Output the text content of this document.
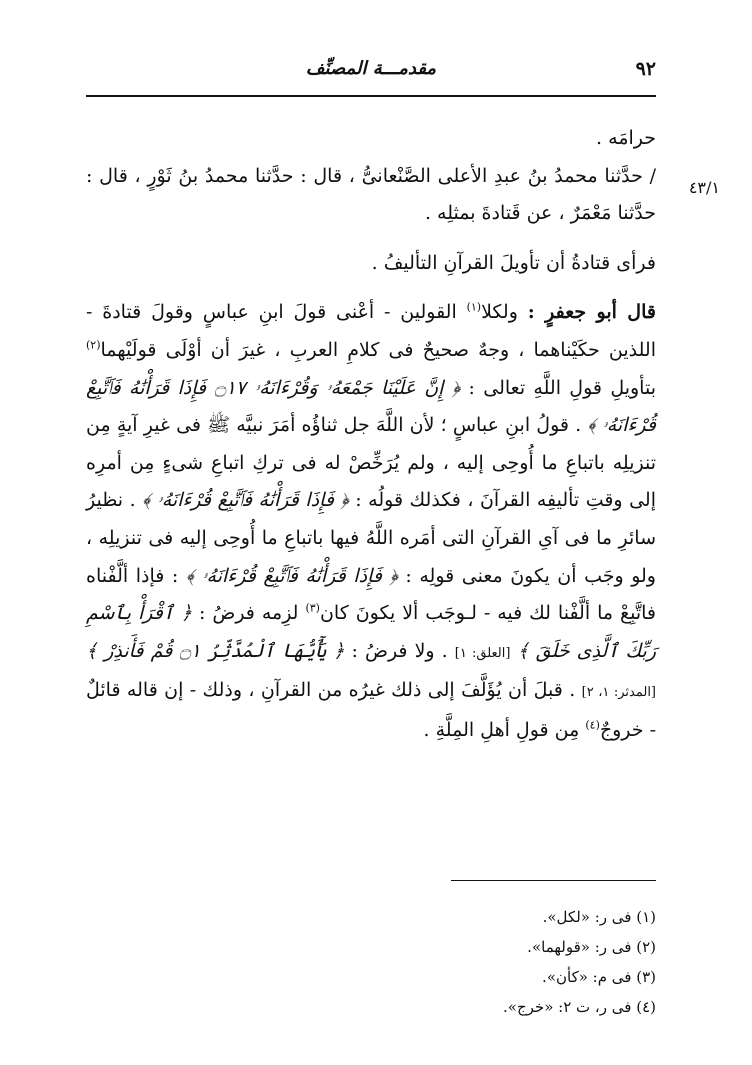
٩٢
مقدمـــة المصنِّف
٤٣/١

حرامَه .

/ حدَّثنا محمدُ بنُ عبدِ الأعلى الصَّنْعانىُّ ، قال : حدَّثنا محمدُ بنُ ثَوْرٍ ، قال : حدَّثنا مَعْمَرٌ ، عن قَتادةَ بمثلِه .

فرأى قتادةُ أن تأويلَ القرآنِ التأليفُ .

قال أبو جعفرٍ : ولكلا$^{(١)}$ القولين - أعْنى قولَ ابنِ عباسٍ وقولَ قتادةَ - اللذين حكَيْناهما ، وجهٌ صحيحٌ فى كلامِ العربِ ، غيرَ أن أوْلَى قولَيْهما$^{(٢)}$ بتأويلِ قولِ اللَّهِ تعالى : ﴿ إِنَّ عَلَيْنَا جَمْعَهُۥ وَقُرْءَانَهُۥ ۝١٧ فَإِذَا قَرَأْنَٰهُ فَٱتَّبِعْ قُرْءَانَهُۥ ﴾ . قولُ ابنِ عباسٍ ؛ لأن اللَّهَ جل ثناؤُه أمَرَ نبيَّه ﷺ فى غيرِ آيةٍ مِن تنزيلِه باتباعِ ما أُوحِى إليه ، ولم يُرَخِّصْ له فى تركِ اتباعِ شىءٍ مِن أمرِه إلى وقتِ تأليفِه القرآنَ ، فكذلك قولُه : ﴿ فَإِذَا قَرَأْنَٰهُ فَٱتَّبِعْ قُرْءَانَهُۥ ﴾ . نظيرُ سائرِ ما فى آىِ القرآنِ التى أمَره اللَّهُ فيها باتباعِ ما أُوحِى إليه فى تنزيلِه ، ولو وجَب أن يكونَ معنى قولِه : ﴿ فَإِذَا قَرَأْنَٰهُ فَٱتَّبِعْ قُرْءَانَهُۥ ﴾ : فإذا ألَّفْناه فاتَّبِعْ ما ألَّفْنا لك فيه - لـوجَب ألا يكونَ كان$^{(٣)}$ لزِمه فرضُ : ﴿ ٱقْرَأْ بِٱسْمِ رَبِّكَ ٱلَّذِى خَلَقَ ﴾ [العلق: ١] . ولا فرضُ : ﴿ يَٰٓأَيُّهَا ٱلْمُدَّثِّرُ ۝١ قُمْ فَأَنذِرْ ﴾ [المدثر: ١، ٢] . قبلَ أن يُؤَلَّفَ إلى ذلك غيرُه من القرآنِ ، وذلك - إن قاله قائلٌ - خروجٌ$^{(٤)}$ مِن قولِ أهلِ المِلَّةِ .

(١) فى ر: «لكل».

(٢) فى ر: «قولهما».

(٣) فى م: «كأن».

(٤) فى ر، ت ٢: «خرج».
